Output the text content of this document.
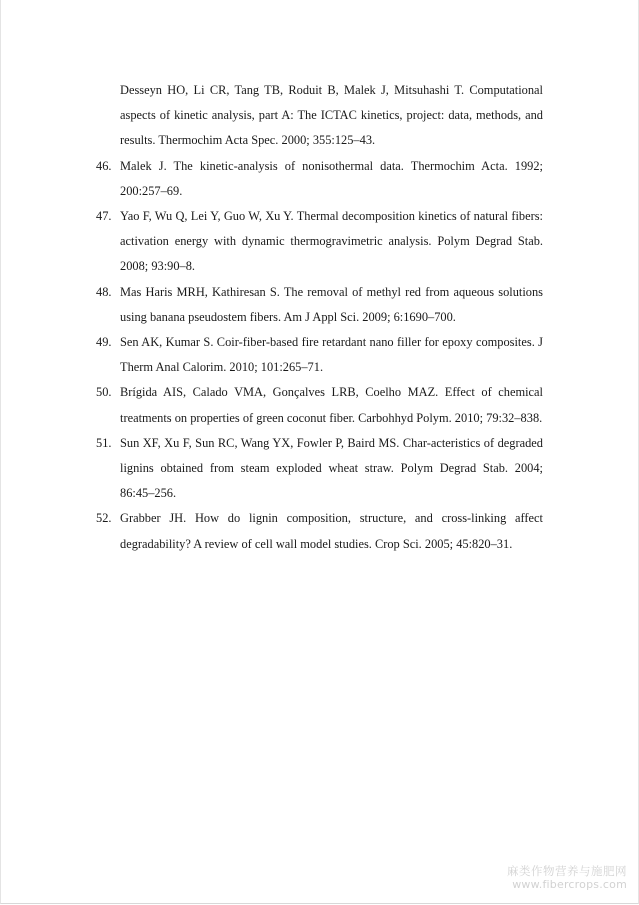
Desseyn HO, Li CR, Tang TB, Roduit B, Malek J, Mitsuhashi T. Computational aspects of kinetic analysis, part A: The ICTAC kinetics, project: data, methods, and results. Thermochim Acta Spec. 2000; 355:125–43.
46. Malek J. The kinetic-analysis of nonisothermal data. Thermochim Acta. 1992; 200:257–69.
47. Yao F, Wu Q, Lei Y, Guo W, Xu Y. Thermal decomposition kinetics of natural fibers: activation energy with dynamic thermogravimetric analysis. Polym Degrad Stab. 2008; 93:90–8.
48. Mas Haris MRH, Kathiresan S. The removal of methyl red from aqueous solutions using banana pseudostem fibers. Am J Appl Sci. 2009; 6:1690–700.
49. Sen AK, Kumar S. Coir-fiber-based fire retardant nano filler for epoxy composites. J Therm Anal Calorim. 2010; 101:265–71.
50. Brígida AIS, Calado VMA, Gonçalves LRB, Coelho MAZ. Effect of chemical treatments on properties of green coconut fiber. Carbohhyd Polym. 2010; 79:32–838.
51. Sun XF, Xu F, Sun RC, Wang YX, Fowler P, Baird MS. Char-acteristics of degraded lignins obtained from steam exploded wheat straw. Polym Degrad Stab. 2004; 86:45–256.
52. Grabber JH. How do lignin composition, structure, and cross-linking affect degradability? A review of cell wall model studies. Crop Sci. 2005; 45:820–31.
麻类作物营养与施肥网
www.fibercrops.com
